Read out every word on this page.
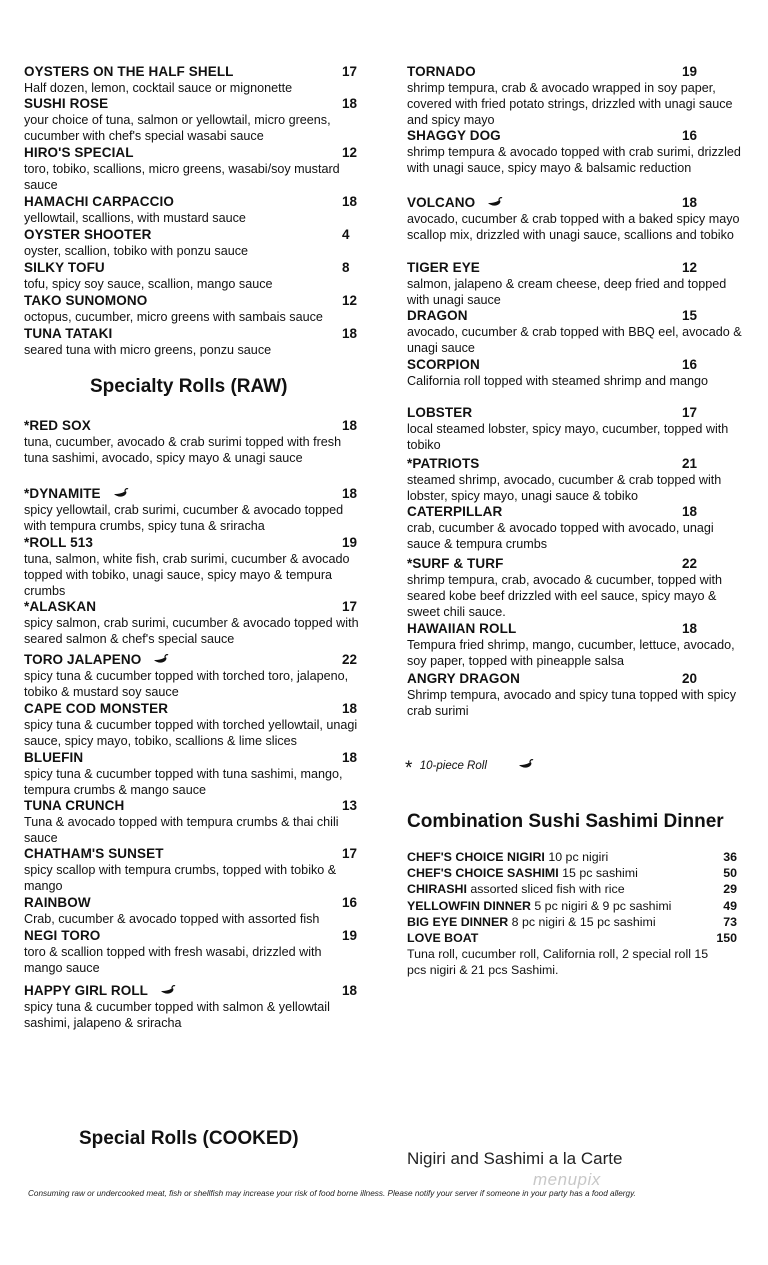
OYSTERS ON THE HALF SHELL	17
Half dozen, lemon, cocktail sauce or mignonette
SUSHI ROSE	18
your choice of tuna, salmon or yellowtail, micro greens, cucumber with chef's special wasabi sauce
HIRO'S SPECIAL	12
toro, tobiko, scallions, micro greens, wasabi/soy mustard sauce
HAMACHI CARPACCIO	18
yellowtail, scallions, with mustard sauce
OYSTER SHOOTER	4
oyster, scallion, tobiko with ponzu sauce
SILKY TOFU	8
tofu, spicy soy sauce, scallion, mango sauce
TAKO SUNOMONO	12
octopus, cucumber, micro greens with sambais sauce
TUNA TATAKI	18
seared tuna with micro greens, ponzu sauce
Specialty Rolls (RAW)
*RED SOX	18
tuna, cucumber, avocado & crab surimi topped with fresh tuna sashimi, avocado, spicy mayo & unagi sauce
*DYNAMITE	18
spicy yellowtail, crab surimi, cucumber & avocado topped with tempura crumbs, spicy tuna & sriracha
*ROLL 513	19
tuna, salmon, white fish, crab surimi, cucumber & avocado topped with tobiko, unagi sauce, spicy mayo & tempura crumbs
*ALASKAN	17
spicy salmon, crab surimi, cucumber & avocado topped with seared salmon & chef's special sauce
TORO JALAPENO	22
spicy tuna & cucumber topped with torched toro, jalapeno, tobiko & mustard soy sauce
CAPE COD MONSTER	18
spicy tuna & cucumber topped with torched yellowtail, unagi sauce, spicy mayo, tobiko, scallions & lime slices
BLUEFIN	18
spicy tuna & cucumber topped with tuna sashimi, mango, tempura crumbs & mango sauce
TUNA CRUNCH	13
Tuna & avocado topped with tempura crumbs & thai chili sauce
CHATHAM'S SUNSET	17
spicy scallop with tempura crumbs, topped with tobiko & mango
RAINBOW	16
Crab, cucumber & avocado topped with assorted fish
NEGI TORO	19
toro & scallion topped with fresh wasabi, drizzled with mango sauce
HAPPY GIRL ROLL	18
spicy tuna & cucumber topped with salmon & yellowtail sashimi, jalapeno & sriracha
TORNADO	19
shrimp tempura, crab & avocado wrapped in soy paper, covered with fried potato strings, drizzled with unagi sauce and spicy mayo
SHAGGY DOG	16
shrimp tempura & avocado topped with crab surimi, drizzled with unagi sauce, spicy mayo & balsamic reduction
VOLCANO	18
avocado, cucumber & crab topped with a baked spicy mayo scallop mix, drizzled with unagi sauce, scallions and tobiko
TIGER EYE	12
salmon, jalapeno & cream cheese, deep fried and topped with unagi sauce
DRAGON	15
avocado, cucumber & crab topped with BBQ eel, avocado & unagi sauce
SCORPION	16
California roll topped with steamed shrimp and mango
LOBSTER	17
local steamed lobster, spicy mayo, cucumber, topped with tobiko
*PATRIOTS	21
steamed shrimp, avocado, cucumber & crab topped with lobster, spicy mayo, unagi sauce & tobiko
CATERPILLAR	18
crab, cucumber & avocado topped with avocado, unagi sauce & tempura crumbs
*SURF & TURF	22
shrimp tempura, crab, avocado & cucumber, topped with seared kobe beef drizzled with eel sauce, spicy mayo & sweet chili sauce.
HAWAIIAN ROLL	18
Tempura fried shrimp, mango, cucumber, lettuce, avocado, soy paper, topped with pineapple salsa
ANGRY DRAGON	20
Shrimp tempura, avocado and spicy tuna topped with spicy crab surimi
* 10-piece Roll
Combination Sushi Sashimi Dinner
CHEF'S CHOICE NIGIRI 10 pc nigiri	36
CHEF'S CHOICE SASHIMI 15 pc sashimi	50
CHIRASHI assorted sliced fish with rice	29
YELLOWFIN DINNER 5 pc nigiri & 9 pc sashimi	49
BIG EYE DINNER 8 pc nigiri & 15 pc sashimi	73
LOVE BOAT	150
Tuna roll, cucumber roll, California roll, 2 special roll 15 pcs nigiri & 21 pcs Sashimi.
Special Rolls (COOKED)
Nigiri and Sashimi a la Carte
menupix
Consuming raw or undercooked meat, fish or shellfish may increase your risk of food borne illness. Please notify your server if someone in your party has a food allergy.
